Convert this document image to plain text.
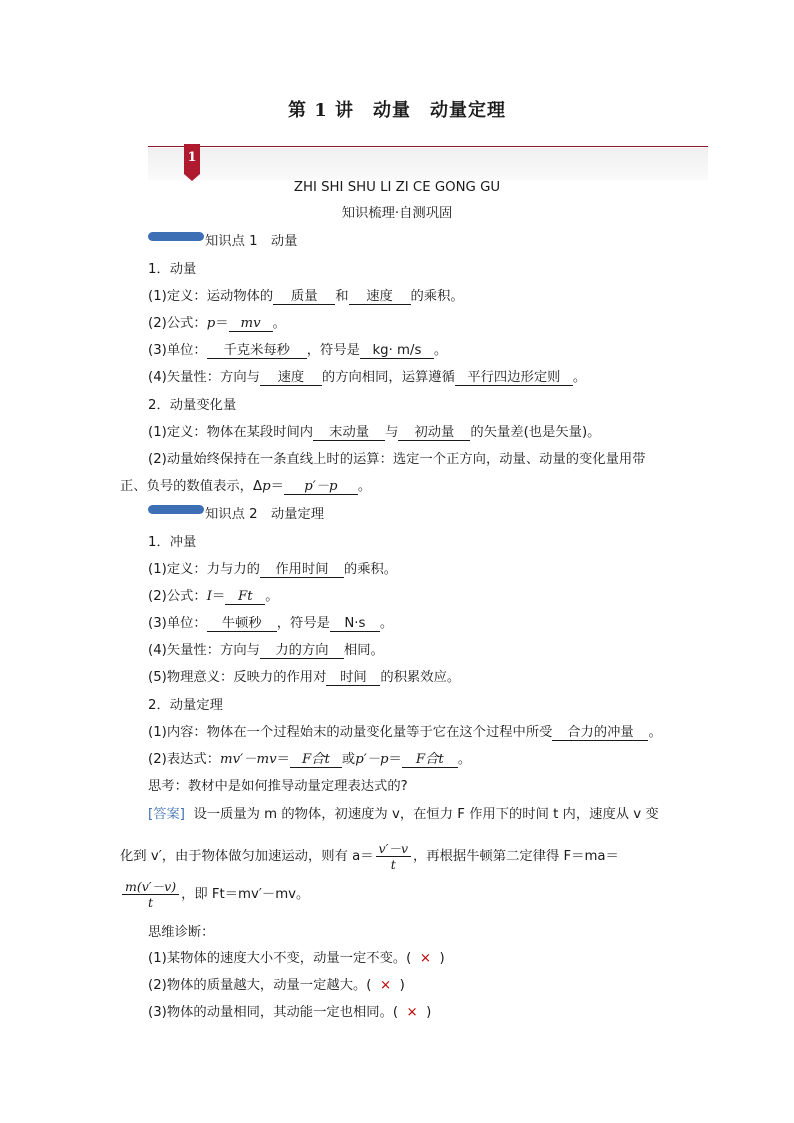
第 1 讲　动量　动量定理
1
ZHI SHI SHU LI ZI CE GONG GU
知识梳理·自测巩固
知识点 1　动量
1．动量
(1)定义：运动物体的 质量 和 速度 的乘积。
(2)公式：p＝ mv 。
(3)单位： 千克米每秒 ，符号是 kg· m/s 。
(4)矢量性：方向与 速度 的方向相同，运算遵循 平行四边形定则 。
2．动量变化量
(1)定义：物体在某段时间内 末动量 与 初动量 的矢量差(也是矢量)。
(2)动量始终保持在一条直线上时的运算：选定一个正方向，动量、动量的变化量用带
正、负号的数值表示，Δp＝ p′－p 。
知识点 2　动量定理
1．冲量
(1)定义：力与力的 作用时间 的乘积。
(2)公式：I＝ Ft 。
(3)单位： 牛顿秒 ，符号是 N·s 。
(4)矢量性：方向与 力的方向 相同。
(5)物理意义：反映力的作用对 时间 的积累效应。
2．动量定理
(1)内容：物体在一个过程始末的动量变化量等于它在这个过程中所受 合力的冲量 。
(2)表达式：mv′－mv＝ F合t 或p′－p＝ F合t 。
思考：教材中是如何推导动量定理表达式的?
[答案] 设一质量为 m 的物体，初速度为 v，在恒力 F 作用下的时间 t 内，速度从 v 变
化到 v′，由于物体做匀加速运动，则有 $a= \frac{v'-v}{t}$ ，再根据牛顿第二定律得 F＝ma＝
$\frac{m(v'-v)}{t}$ ，即 Ft＝mv′－mv。
思维诊断：
(1)某物体的速度大小不变，动量一定不变。( × )
(2)物体的质量越大，动量一定越大。( × )
(3)物体的动量相同，其动能一定也相同。( × )
